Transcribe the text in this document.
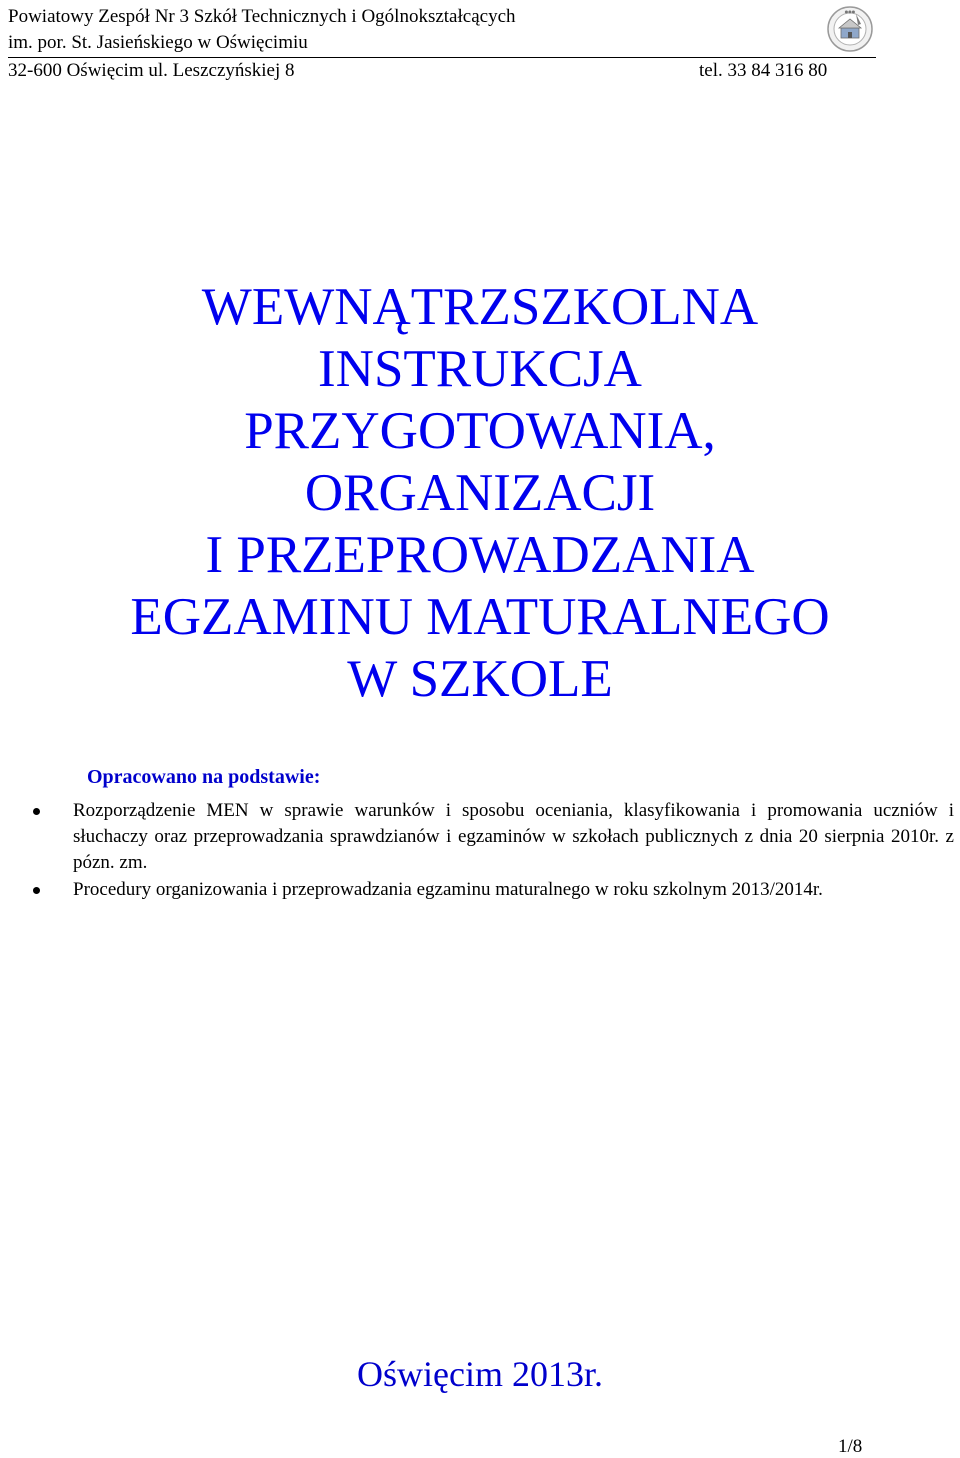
Powiatowy Zespół Nr 3 Szkół Technicznych i Ogólnokształcących
im. por. St. Jasieńskiego w Oświęcimiu
32-600 Oświęcim ul. Leszczyńskiej 8	tel. 33 84 316 80
●●●
WEWNĄTRZSZKOLNA
INSTRUKCJA
PRZYGOTOWANIA,
ORGANIZACJI
I PRZEPROWADZANIA
EGZAMINU MATURALNEGO
W SZKOLE
Opracowano na podstawie:
Rozporządzenie MEN w sprawie warunków i sposobu oceniania, klasyfikowania i promowania uczniów i słuchaczy oraz przeprowadzania sprawdzianów i egzaminów w szkołach publicznych z dnia 20 sierpnia 2010r. z pózn. zm.
Procedury organizowania i przeprowadzania egzaminu maturalnego w roku szkolnym 2013/2014r.
Oświęcim 2013r.
1/8
